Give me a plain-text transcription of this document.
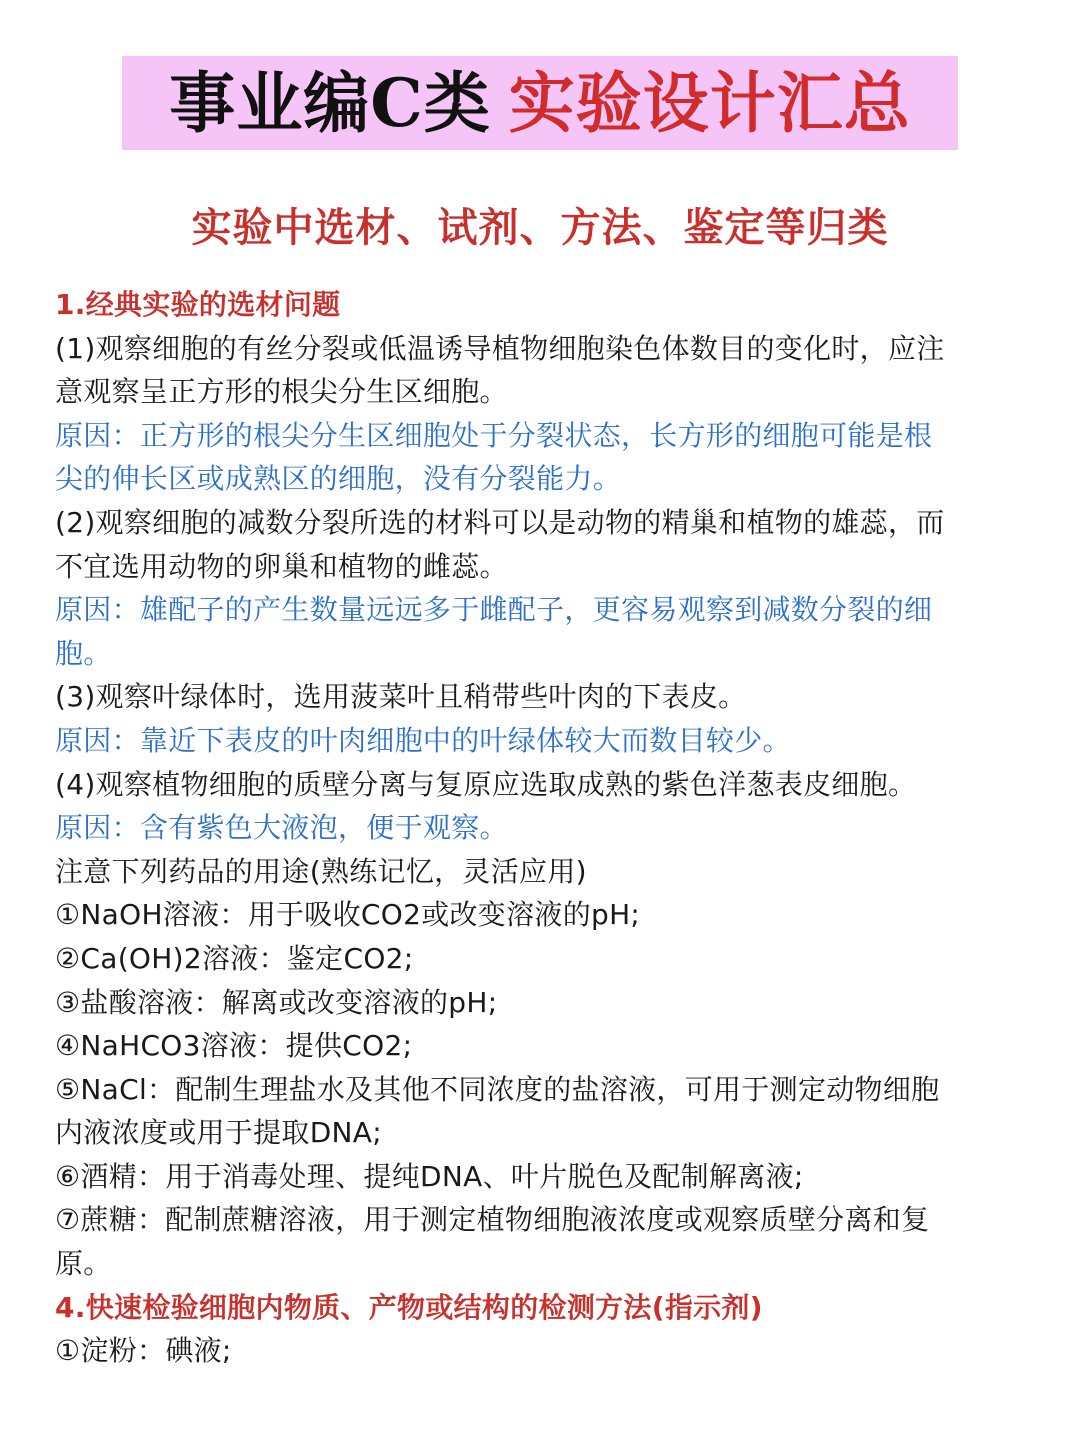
事业编C类 实验设计汇总
实验中选材、试剂、方法、鉴定等归类
1.经典实验的选材问题
(1)观察细胞的有丝分裂或低温诱导植物细胞染色体数目的变化时，应注
意观察呈正方形的根尖分生区细胞。
原因：正方形的根尖分生区细胞处于分裂状态，长方形的细胞可能是根
尖的伸长区或成熟区的细胞，没有分裂能力。
(2)观察细胞的减数分裂所选的材料可以是动物的精巢和植物的雄蕊，而
不宜选用动物的卵巢和植物的雌蕊。
原因：雄配子的产生数量远远多于雌配子，更容易观察到减数分裂的细
胞。
(3)观察叶绿体时，选用菠菜叶且稍带些叶肉的下表皮。
原因：靠近下表皮的叶肉细胞中的叶绿体较大而数目较少。
(4)观察植物细胞的质壁分离与复原应选取成熟的紫色洋葱表皮细胞。
原因：含有紫色大液泡，便于观察。
注意下列药品的用途(熟练记忆，灵活应用)
①NaOH溶液：用于吸收CO2或改变溶液的pH;
②Ca(OH)2溶液：鉴定CO2;
③盐酸溶液：解离或改变溶液的pH;
④NaHCO3溶液：提供CO2;
⑤NaCl：配制生理盐水及其他不同浓度的盐溶液，可用于测定动物细胞
内液浓度或用于提取DNA;
⑥酒精：用于消毒处理、提纯DNA、叶片脱色及配制解离液;
⑦蔗糖：配制蔗糖溶液，用于测定植物细胞液浓度或观察质壁分离和复
原。
4.快速检验细胞内物质、产物或结构的检测方法(指示剂)
①淀粉：碘液;
